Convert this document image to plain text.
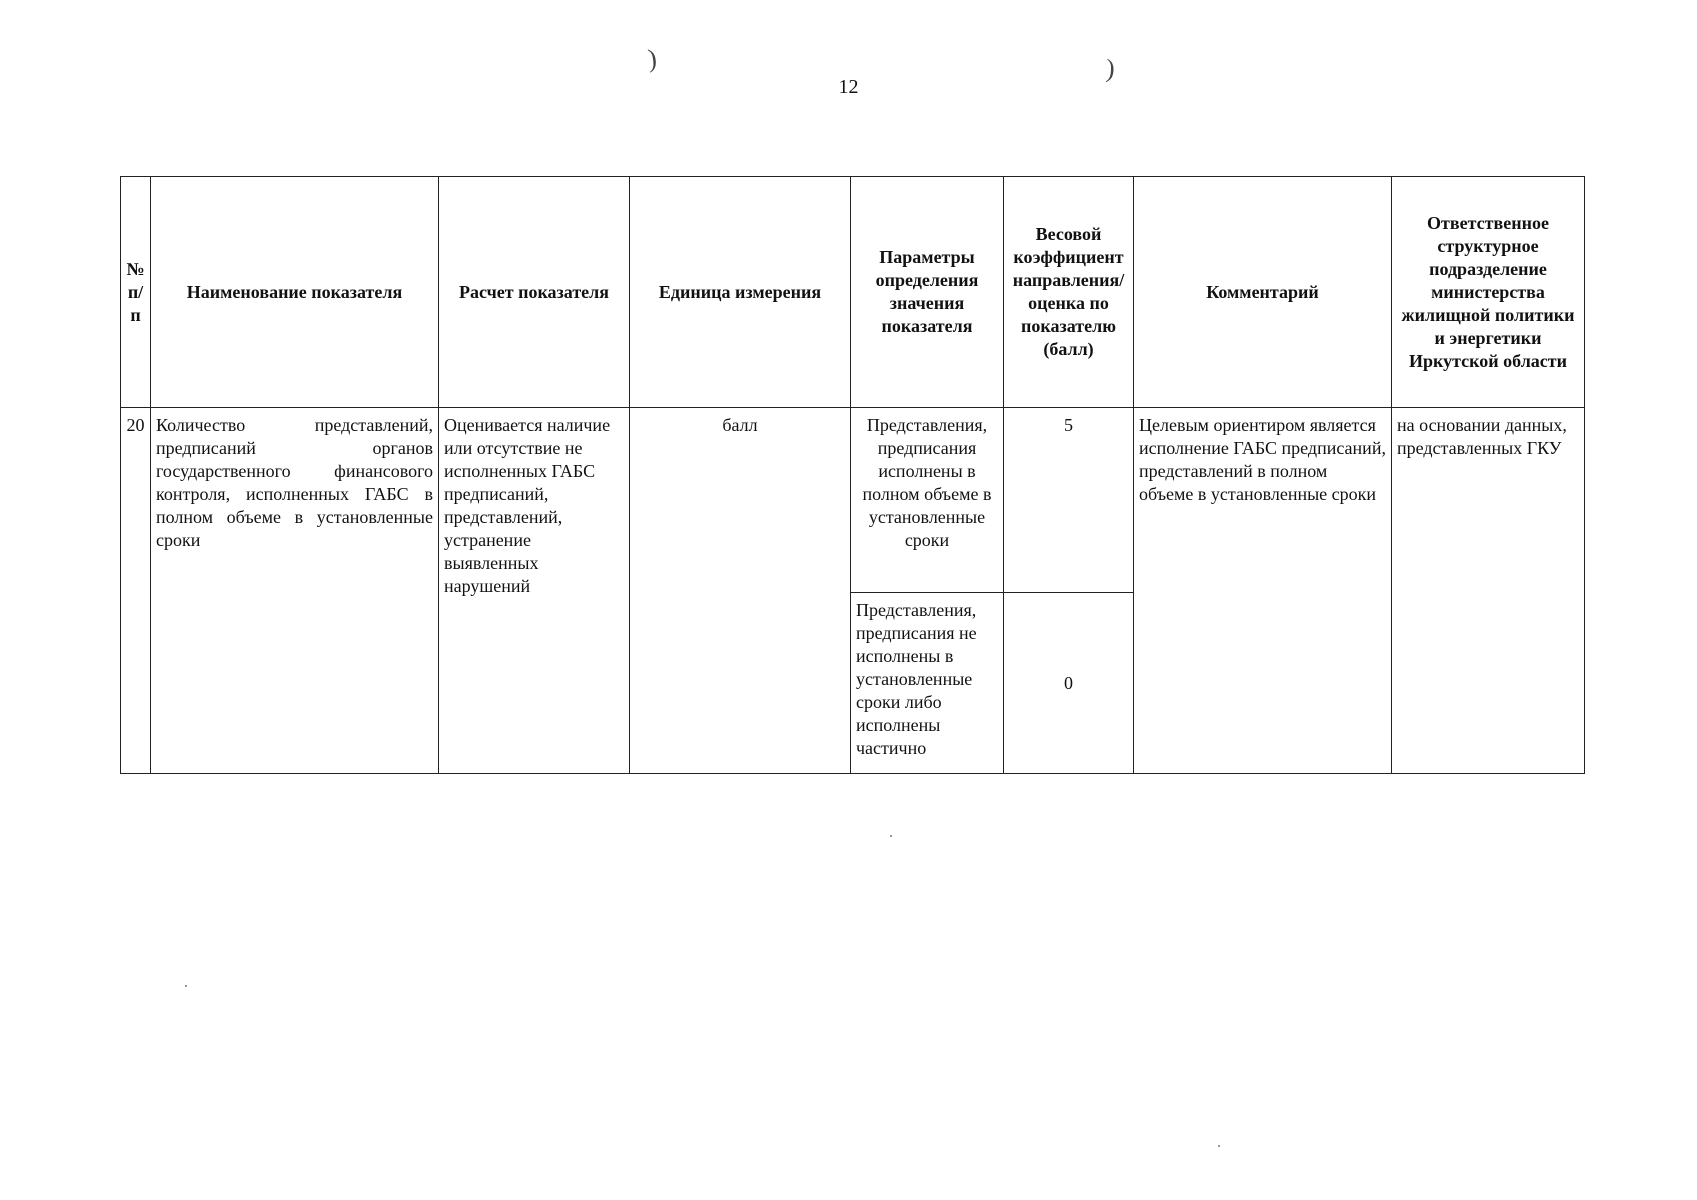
12
)	)
№ п/п	Наименование показателя	Расчет показателя	Единица измерения	Параметры определения значения показателя	Весовой коэффициент направления/оценка по показателю (балл)	Комментарий	Ответственное структурное подразделение министерства жилищной политики и энергетики Иркутской области
20	Количество представлений, предписаний органов государственного финансового контроля, исполненных ГАБС в полном объеме в установленные сроки	Оценивается наличие или отсутствие не исполненных ГАБС предписаний, представлений, устранение выявленных нарушений	балл	Представления, предписания исполнены в полном объеме в установленные сроки	5	Целевым ориентиром является исполнение ГАБС предписаний, представлений в полном объеме в установленные сроки	на основании данных, представленных ГКУ
				Представления, предписания не исполнены в установленные сроки либо исполнены частично	0		
